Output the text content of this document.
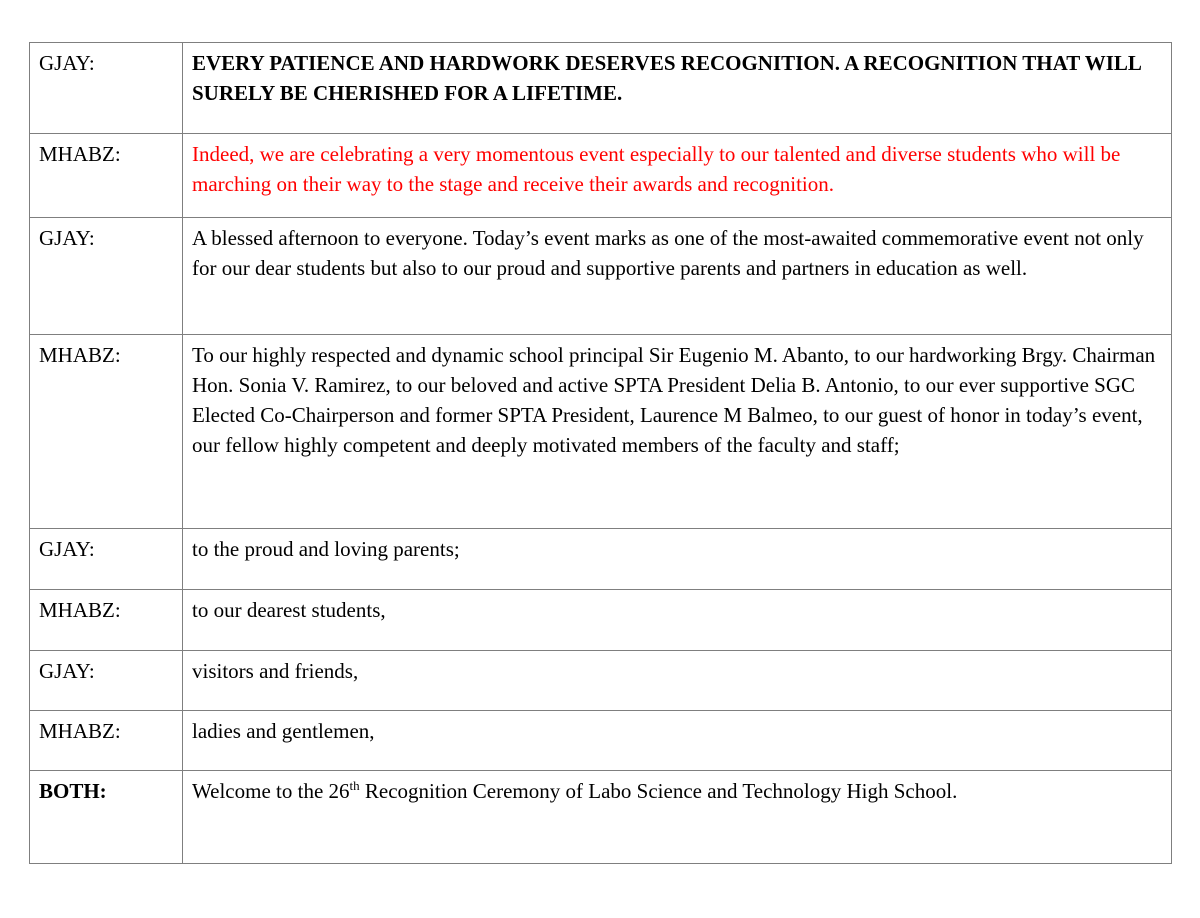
GJAY:	EVERY PATIENCE AND HARDWORK DESERVES RECOGNITION. A RECOGNITION THAT WILL SURELY BE CHERISHED FOR A LIFETIME.
MHABZ:	Indeed, we are celebrating a very momentous event especially to our talented and diverse students who will be marching on their way to the stage and receive their awards and recognition.
GJAY:	A blessed afternoon to everyone. Today’s event marks as one of the most-awaited commemorative event not only for our dear students but also to our proud and supportive parents and partners in education as well.
MHABZ:	To our highly respected and dynamic school principal Sir Eugenio M. Abanto, to our hardworking Brgy. Chairman Hon. Sonia V. Ramirez, to our beloved and active SPTA President Delia B. Antonio, to our ever supportive SGC Elected Co-Chairperson and former SPTA President, Laurence M Balmeo, to our guest of honor in today’s event, our fellow highly competent and deeply motivated members of the faculty and staff;
GJAY:	to the proud and loving parents;
MHABZ:	to our dearest students,
GJAY:	visitors and friends,
MHABZ:	ladies and gentlemen,
BOTH:	Welcome to the 26th Recognition Ceremony of Labo Science and Technology High School.
